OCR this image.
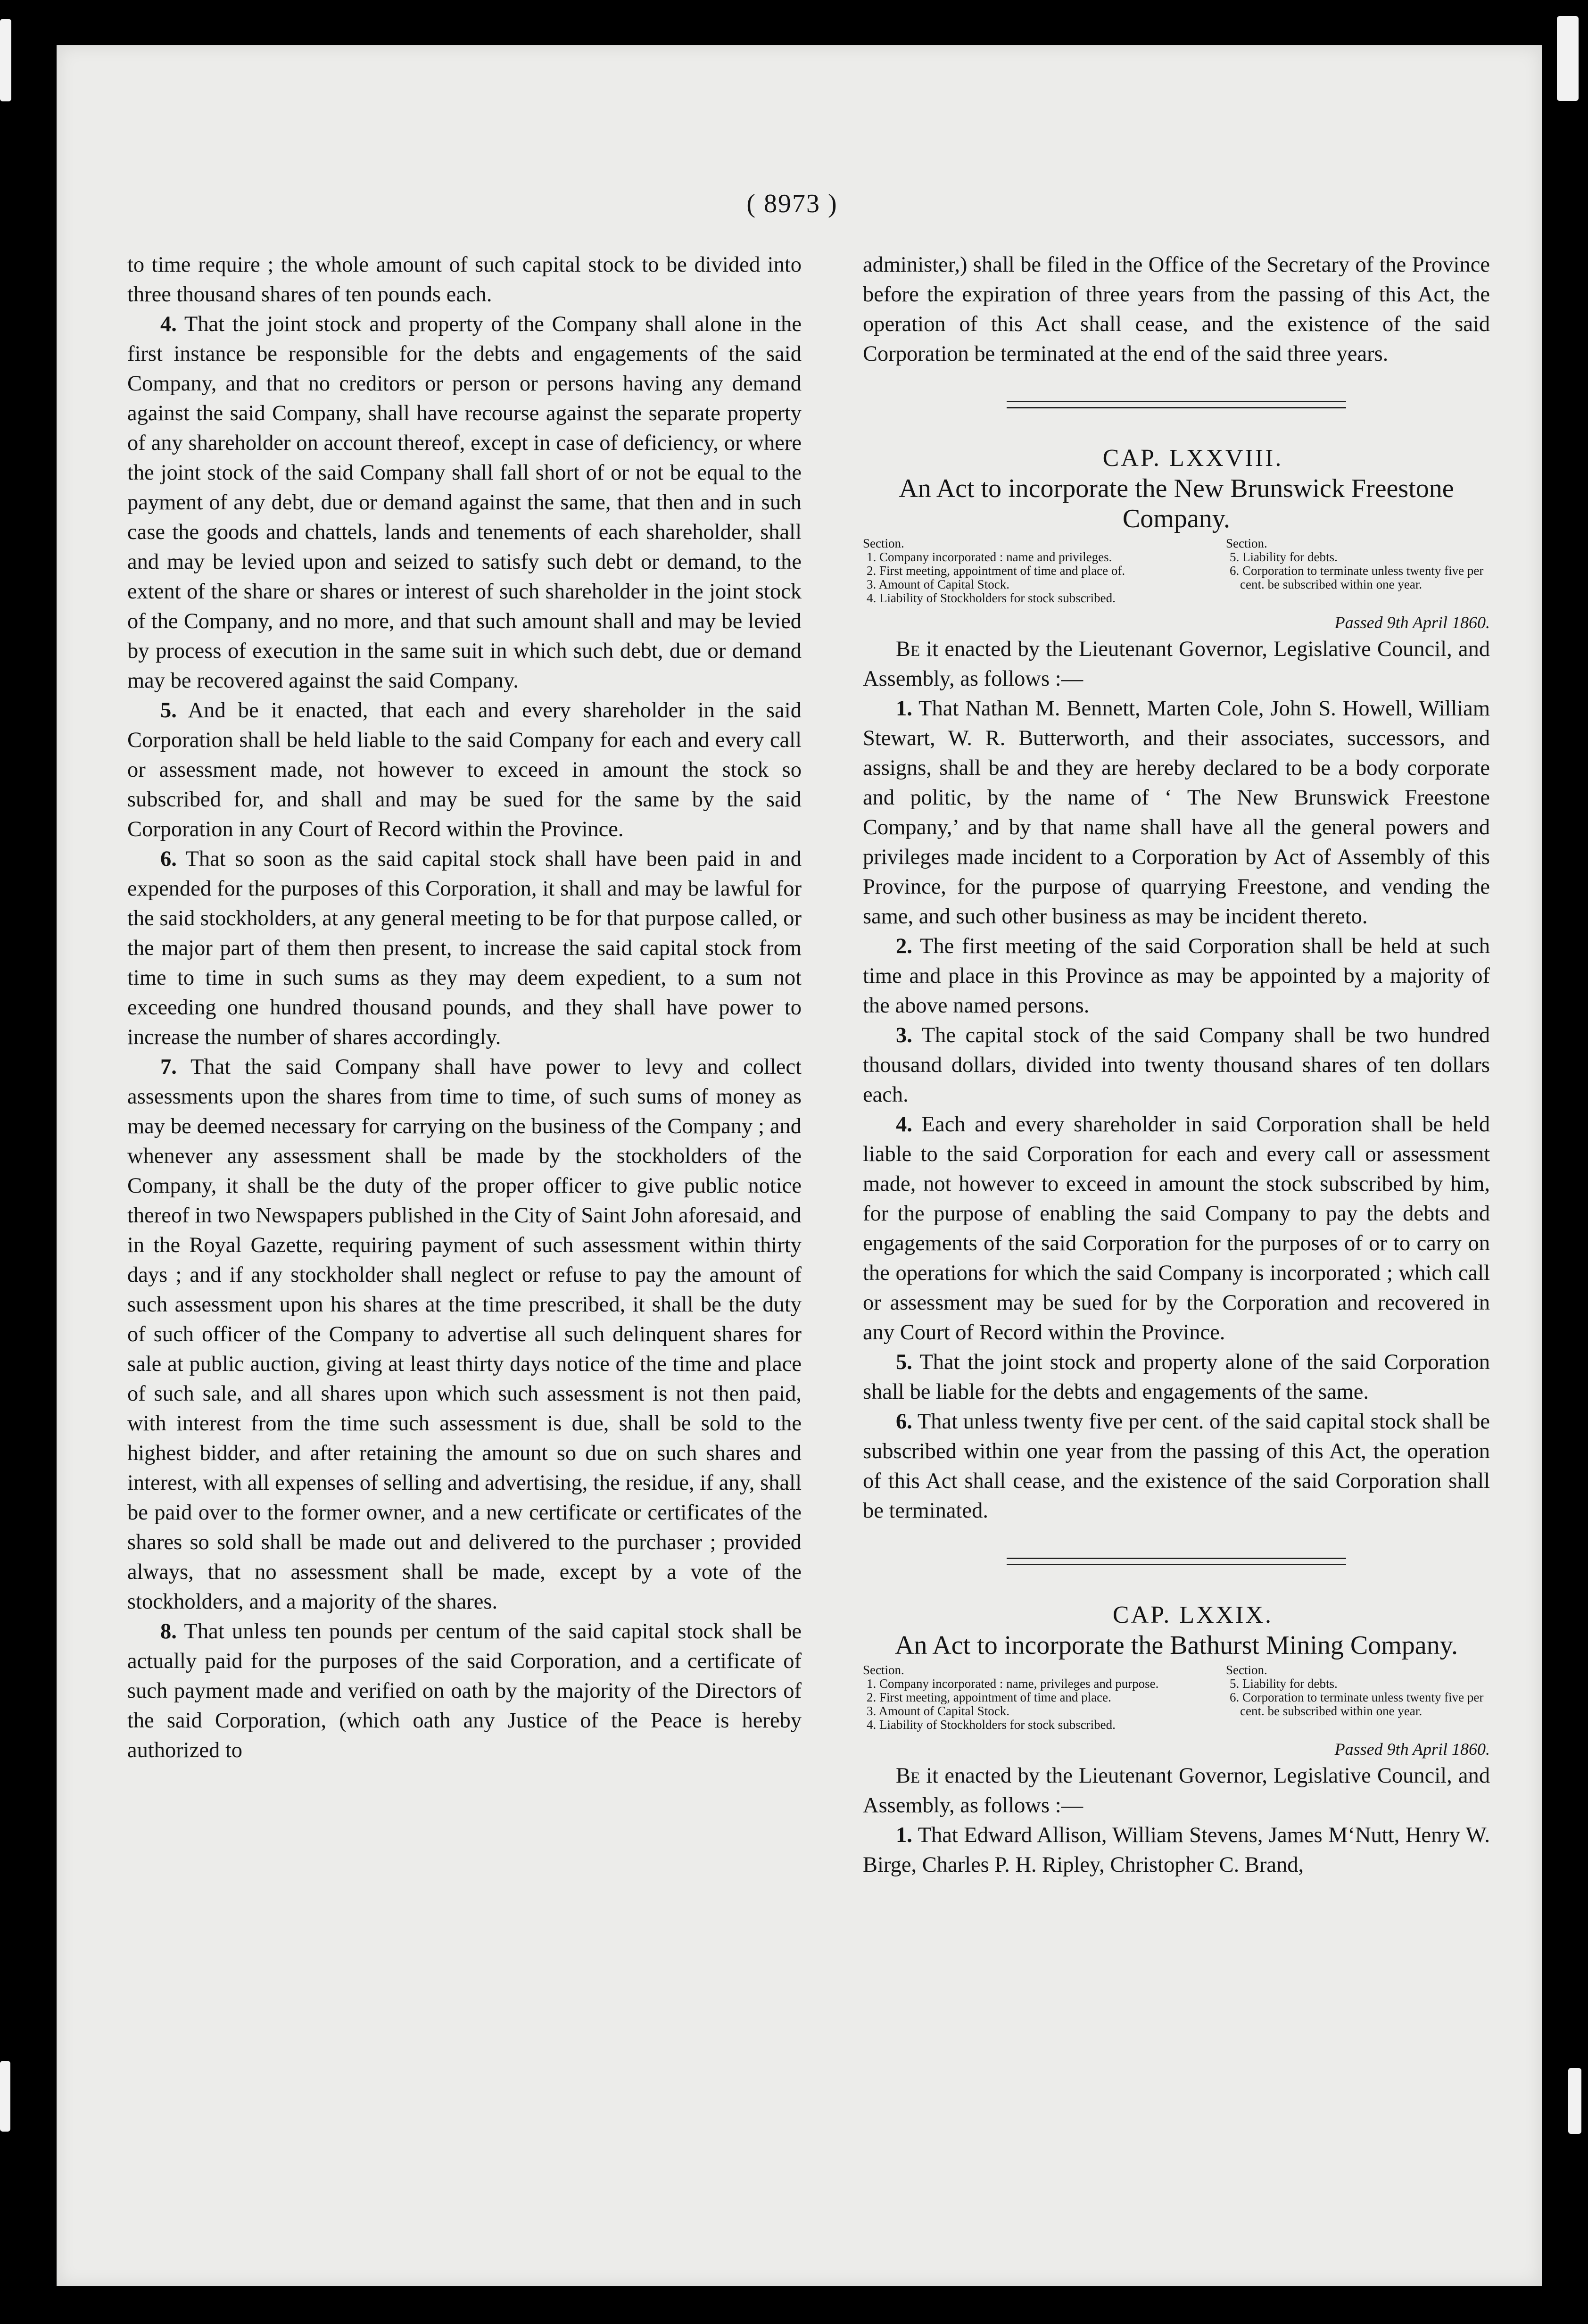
( 8973 )

to time require ; the whole amount of such capital stock to be divided into three thousand shares of ten pounds each.

4. That the joint stock and property of the Company shall alone in the first instance be responsible for the debts and engagements of the said Company, and that no creditors or person or persons having any demand against the said Company, shall have recourse against the separate property of any shareholder on account thereof, except in case of deficiency, or where the joint stock of the said Company shall fall short of or not be equal to the payment of any debt, due or demand against the same, that then and in such case the goods and chattels, lands and tenements of each shareholder, shall and may be levied upon and seized to satisfy such debt or demand, to the extent of the share or shares or interest of such shareholder in the joint stock of the Company, and no more, and that such amount shall and may be levied by process of execution in the same suit in which such debt, due or demand may be recovered against the said Company.

5. And be it enacted, that each and every shareholder in the said Corporation shall be held liable to the said Company for each and every call or assessment made, not however to exceed in amount the stock so subscribed for, and shall and may be sued for the same by the said Corporation in any Court of Record within the Province.

6. That so soon as the said capital stock shall have been paid in and expended for the purposes of this Corporation, it shall and may be lawful for the said stockholders, at any general meeting to be for that purpose called, or the major part of them then present, to increase the said capital stock from time to time in such sums as they may deem expedient, to a sum not exceeding one hundred thousand pounds, and they shall have power to increase the number of shares accordingly.

7. That the said Company shall have power to levy and collect assessments upon the shares from time to time, of such sums of money as may be deemed necessary for carrying on the business of the Company ; and whenever any assessment shall be made by the stockholders of the Company, it shall be the duty of the proper officer to give public notice thereof in two Newspapers published in the City of Saint John aforesaid, and in the Royal Gazette, requiring payment of such assessment within thirty days ; and if any stockholder shall neglect or refuse to pay the amount of such assessment upon his shares at the time prescribed, it shall be the duty of such officer of the Company to advertise all such delinquent shares for sale at public auction, giving at least thirty days notice of the time and place of such sale, and all shares upon which such assessment is not then paid, with interest from the time such assessment is due, shall be sold to the highest bidder, and after retaining the amount so due on such shares and interest, with all expenses of selling and advertising, the residue, if any, shall be paid over to the former owner, and a new certificate or certificates of the shares so sold shall be made out and delivered to the purchaser ; provided always, that no assessment shall be made, except by a vote of the stockholders, and a majority of the shares.

8. That unless ten pounds per centum of the said capital stock shall be actually paid for the purposes of the said Corporation, and a certificate of such payment made and verified on oath by the majority of the Directors of the said Corporation, (which oath any Justice of the Peace is hereby authorized to

administer,) shall be filed in the Office of the Secretary of the Province before the expiration of three years from the passing of this Act, the operation of this Act shall cease, and the existence of the said Corporation be terminated at the end of the said three years.

CAP. LXXVIII.

An Act to incorporate the New Brunswick Freestone Company.

Section.
1. Company incorporated : name and privileges.
2. First meeting, appointment of time and place of.
3. Amount of Capital Stock.
4. Liability of Stockholders for stock subscribed.
Section.
5. Liability for debts.
6. Corporation to terminate unless twenty five per cent. be subscribed within one year.

Passed 9th April 1860.

Be it enacted by the Lieutenant Governor, Legislative Council, and Assembly, as follows :—

1. That Nathan M. Bennett, Marten Cole, John S. Howell, William Stewart, W. R. Butterworth, and their associates, successors, and assigns, shall be and they are hereby declared to be a body corporate and politic, by the name of ‘ The New Brunswick Freestone Company,’ and by that name shall have all the general powers and privileges made incident to a Corporation by Act of Assembly of this Province, for the purpose of quarrying Freestone, and vending the same, and such other business as may be incident thereto.

2. The first meeting of the said Corporation shall be held at such time and place in this Province as may be appointed by a majority of the above named persons.

3. The capital stock of the said Company shall be two hundred thousand dollars, divided into twenty thousand shares of ten dollars each.

4. Each and every shareholder in said Corporation shall be held liable to the said Corporation for each and every call or assessment made, not however to exceed in amount the stock subscribed by him, for the purpose of enabling the said Company to pay the debts and engagements of the said Corporation for the purposes of or to carry on the operations for which the said Company is incorporated ; which call or assessment may be sued for by the Corporation and recovered in any Court of Record within the Province.

5. That the joint stock and property alone of the said Corporation shall be liable for the debts and engagements of the same.

6. That unless twenty five per cent. of the said capital stock shall be subscribed within one year from the passing of this Act, the operation of this Act shall cease, and the existence of the said Corporation shall be terminated.

CAP. LXXIX.

An Act to incorporate the Bathurst Mining Company.

Section.
1. Company incorporated : name, privileges and purpose.
2. First meeting, appointment of time and place.
3. Amount of Capital Stock.
4. Liability of Stockholders for stock subscribed.
Section.
5. Liability for debts.
6. Corporation to terminate unless twenty five per cent. be subscribed within one year.

Passed 9th April 1860.

Be it enacted by the Lieutenant Governor, Legislative Council, and Assembly, as follows :—

1. That Edward Allison, William Stevens, James M‘Nutt, Henry W. Birge, Charles P. H. Ripley, Christopher C. Brand,
